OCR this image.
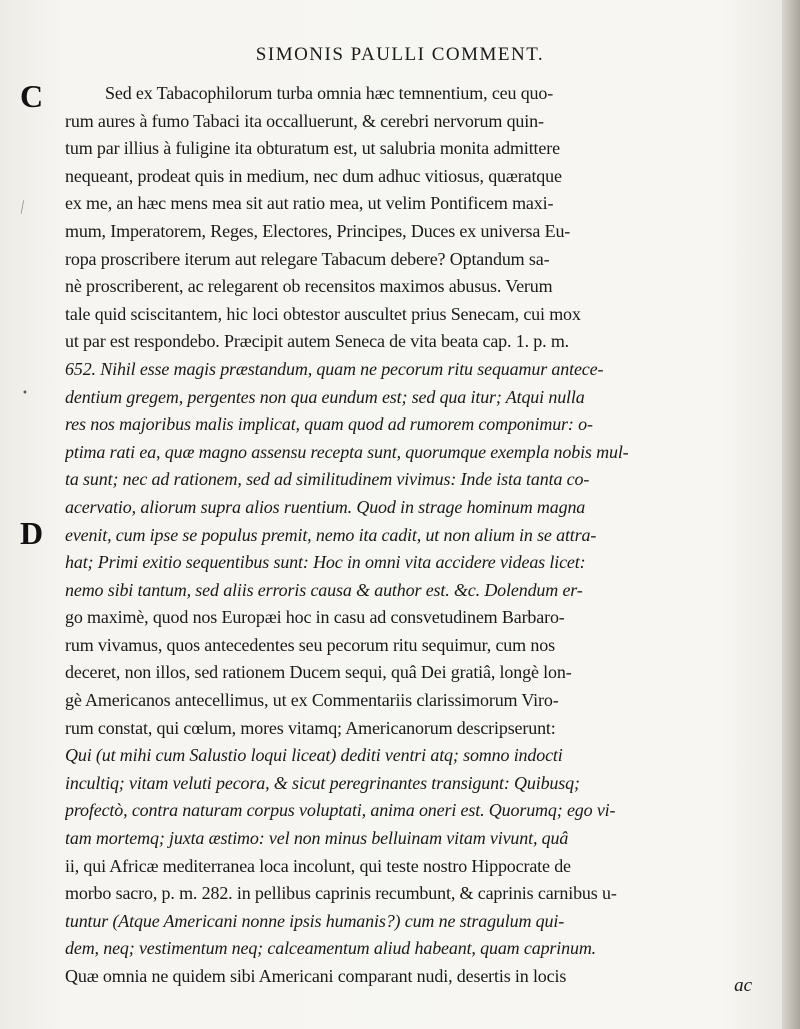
SIMONIS PAULLI COMMENT.
C
D
⟋
•
Sed ex Tabacophilorum turba omnia hæc temnentium, ceu quo-
rum aures à fumo Tabaci ita occalluerunt, & cerebri nervorum quin-
tum par illius à fuligine ita obturatum est, ut salubria monita admittere
nequeant, prodeat quis in medium, nec dum adhuc vitiosus, quæratque
ex me, an hæc mens mea sit aut ratio mea, ut velim Pontificem maxi-
mum, Imperatorem, Reges, Electores, Principes, Duces ex universa Eu-
ropa proscribere iterum aut relegare Tabacum debere? Optandum sa-
nè proscriberent, ac relegarent ob recensitos maximos abusus. Verum
tale quid sciscitantem, hic loci obtestor auscultet prius Senecam, cui mox
ut par est respondebo. Præcipit autem Seneca de vita beata cap. 1. p. m.
652. Nihil esse magis præstandum, quam ne pecorum ritu sequamur antece-
dentium gregem, pergentes non qua eundum est; sed qua itur; Atqui nulla
res nos majoribus malis implicat, quam quod ad rumorem componimur: o-
ptima rati ea, quæ magno assensu recepta sunt, quorumque exempla nobis mul-
ta sunt; nec ad rationem, sed ad similitudinem vivimus: Inde ista tanta co-
acervatio, aliorum supra alios ruentium. Quod in strage hominum magna
evenit, cum ipse se populus premit, nemo ita cadit, ut non alium in se attra-
hat; Primi exitio sequentibus sunt: Hoc in omni vita accidere videas licet:
nemo sibi tantum, sed aliis erroris causa & author est. &c. Dolendum er-
go maximè, quod nos Europæi hoc in casu ad consvetudinem Barbaro-
rum vivamus, quos antecedentes seu pecorum ritu sequimur, cum nos
deceret, non illos, sed rationem Ducem sequi, quâ Dei gratiâ, longè lon-
gè Americanos antecellimus, ut ex Commentariis clarissimorum Viro-
rum constat, qui cœlum, mores vitamq; Americanorum descripserunt:
Qui (ut mihi cum Salustio loqui liceat) dediti ventri atq; somno indocti
incultiq; vitam veluti pecora, & sicut peregrinantes transigunt: Quibusq;
profectò, contra naturam corpus voluptati, anima oneri est. Quorumq; ego vi-
tam mortemq; juxta æstimo: vel non minus belluinam vitam vivunt, quâ
ii, qui Africæ mediterranea loca incolunt, qui teste nostro Hippocrate de
morbo sacro, p. m. 282. in pellibus caprinis recumbunt, & caprinis carnibus u-
tuntur (Atque Americani nonne ipsis humanis?) cum ne stragulum qui-
dem, neq; vestimentum neq; calceamentum aliud habeant, quam caprinum.
Quæ omnia ne quidem sibi Americani comparant nudi, desertis in locis	ac
